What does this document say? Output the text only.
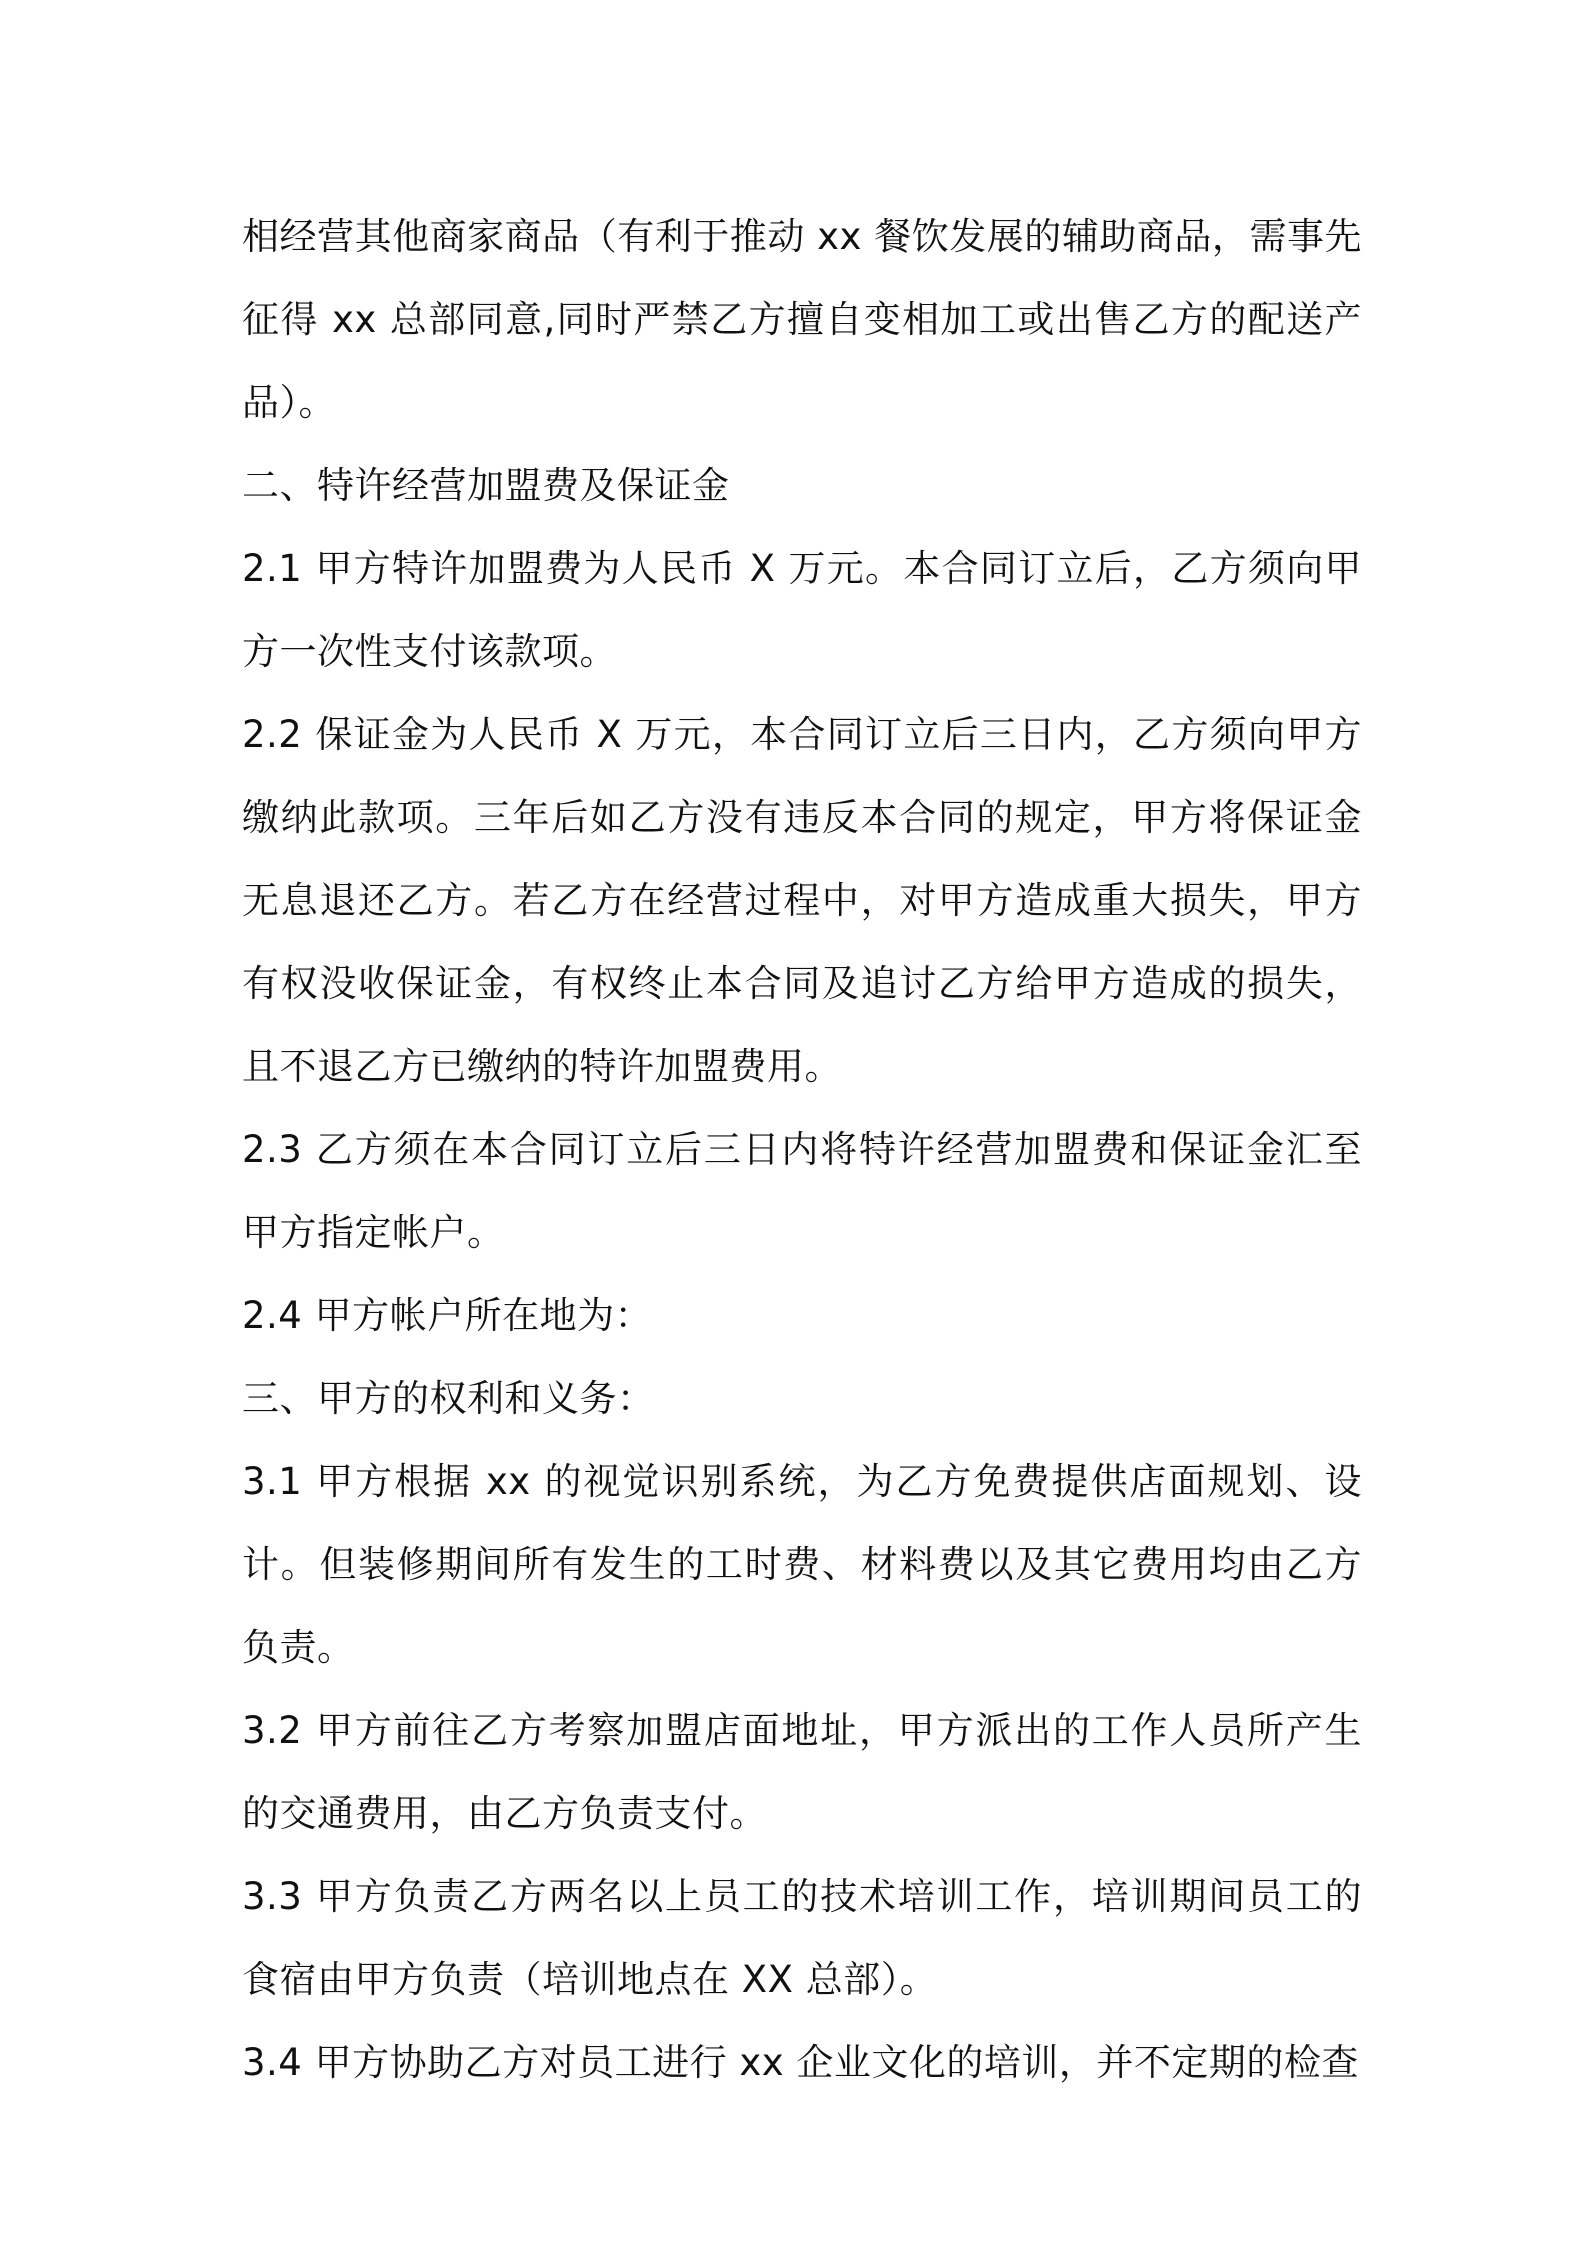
相经营其他商家商品（有利于推动 xx 餐饮发展的辅助商品，需事先征得 xx 总部同意,同时严禁乙方擅自变相加工或出售乙方的配送产品）。

二、特许经营加盟费及保证金

2.1 甲方特许加盟费为人民币 X 万元。本合同订立后，乙方须向甲方一次性支付该款项。

2.2 保证金为人民币 X 万元，本合同订立后三日内，乙方须向甲方缴纳此款项。三年后如乙方没有违反本合同的规定，甲方将保证金无息退还乙方。若乙方在经营过程中，对甲方造成重大损失，甲方有权没收保证金，有权终止本合同及追讨乙方给甲方造成的损失，且不退乙方已缴纳的特许加盟费用。

2.3 乙方须在本合同订立后三日内将特许经营加盟费和保证金汇至甲方指定帐户。

2.4 甲方帐户所在地为：

三、甲方的权利和义务：

3.1 甲方根据 xx 的视觉识别系统，为乙方免费提供店面规划、设计。但装修期间所有发生的工时费、材料费以及其它费用均由乙方负责。

3.2 甲方前往乙方考察加盟店面地址，甲方派出的工作人员所产生的交通费用，由乙方负责支付。

3.3 甲方负责乙方两名以上员工的技术培训工作，培训期间员工的食宿由甲方负责（培训地点在 XX 总部）。

3.4 甲方协助乙方对员工进行 xx 企业文化的培训，并不定期的检查
